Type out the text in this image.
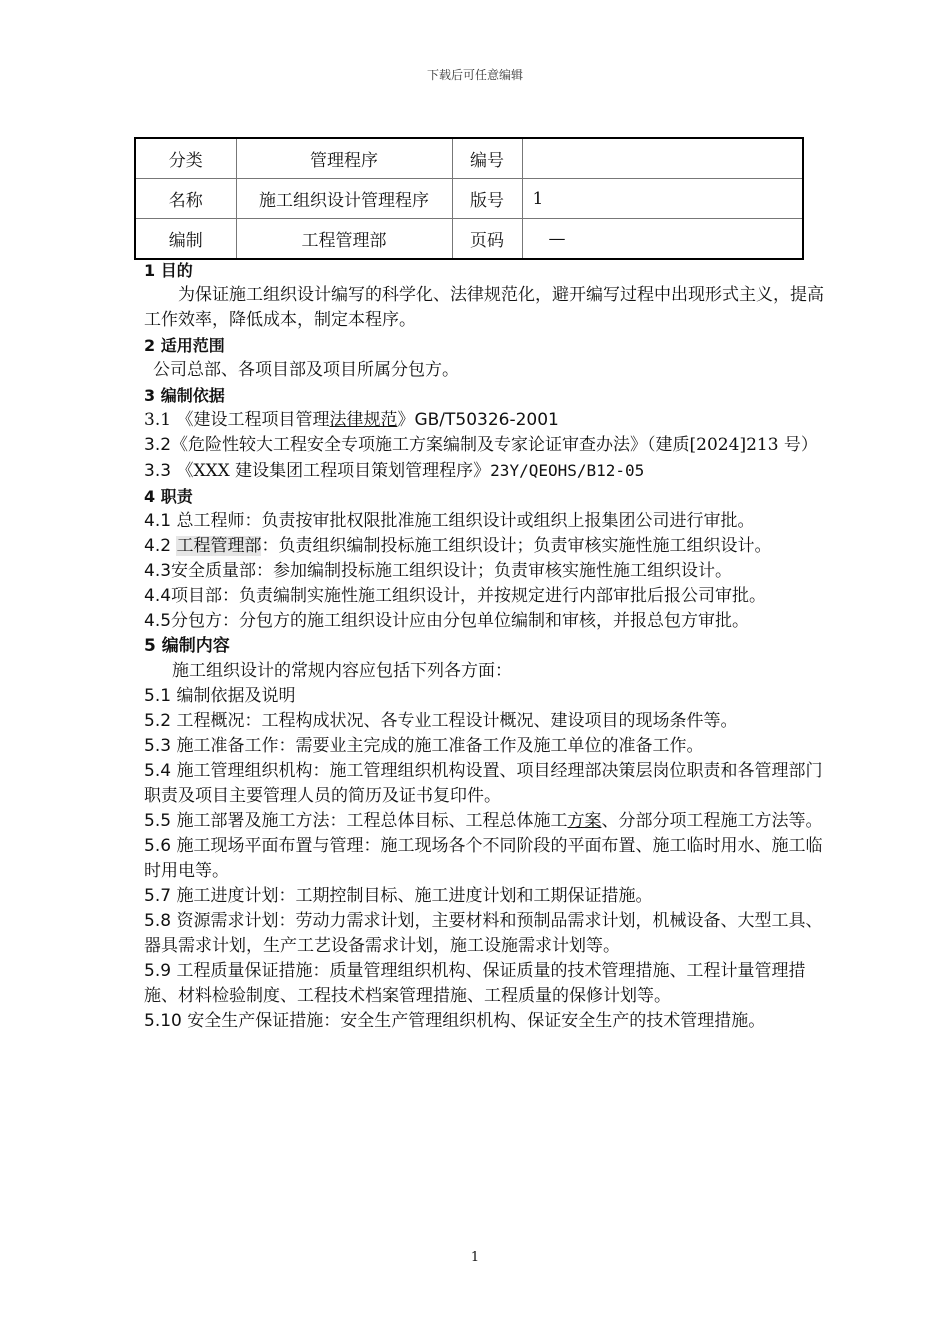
下载后可任意编辑
分类	管理程序	编号	
名称	施工组织设计管理程序	版号	1
编制	工程管理部	页码	—

1 目的

为保证施工组织设计编写的科学化、法律规范化，避开编写过程中出现形式主义，提高工作效率，降低成本，制定本程序。

2 适用范围

公司总部、各项目部及项目所属分包方。

3 编制依据

3.1 《建设工程项目管理法律规范》GB/T50326-2001

3.2《危险性较大工程安全专项施工方案编制及专家论证审查办法》（建质[2024]213 号）

3.3 《XXX 建设集团工程项目策划管理程序》23Y/QEOHS/B12-05

4 职责

4.1 总工程师：负责按审批权限批准施工组织设计或组织上报集团公司进行审批。

4.2 工程管理部：负责组织编制投标施工组织设计；负责审核实施性施工组织设计。

4.3安全质量部：参加编制投标施工组织设计；负责审核实施性施工组织设计。

4.4项目部：负责编制实施性施工组织设计，并按规定进行内部审批后报公司审批。

4.5分包方：分包方的施工组织设计应由分包单位编制和审核，并报总包方审批。

5 编制内容

施工组织设计的常规内容应包括下列各方面：

5.1 编制依据及说明

5.2 工程概况：工程构成状况、各专业工程设计概况、建设项目的现场条件等。

5.3 施工准备工作：需要业主完成的施工准备工作及施工单位的准备工作。

5.4 施工管理组织机构：施工管理组织机构设置、项目经理部决策层岗位职责和各管理部门职责及项目主要管理人员的简历及证书复印件。

5.5 施工部署及施工方法：工程总体目标、工程总体施工方案、分部分项工程施工方法等。

5.6 施工现场平面布置与管理：施工现场各个不同阶段的平面布置、施工临时用水、施工临时用电等。

5.7 施工进度计划：工期控制目标、施工进度计划和工期保证措施。

5.8 资源需求计划：劳动力需求计划，主要材料和预制品需求计划，机械设备、大型工具、器具需求计划，生产工艺设备需求计划，施工设施需求计划等。

5.9 工程质量保证措施：质量管理组织机构、保证质量的技术管理措施、工程计量管理措施、材料检验制度、工程技术档案管理措施、工程质量的保修计划等。

5.10 安全生产保证措施：安全生产管理组织机构、保证安全生产的技术管理措施。

1
